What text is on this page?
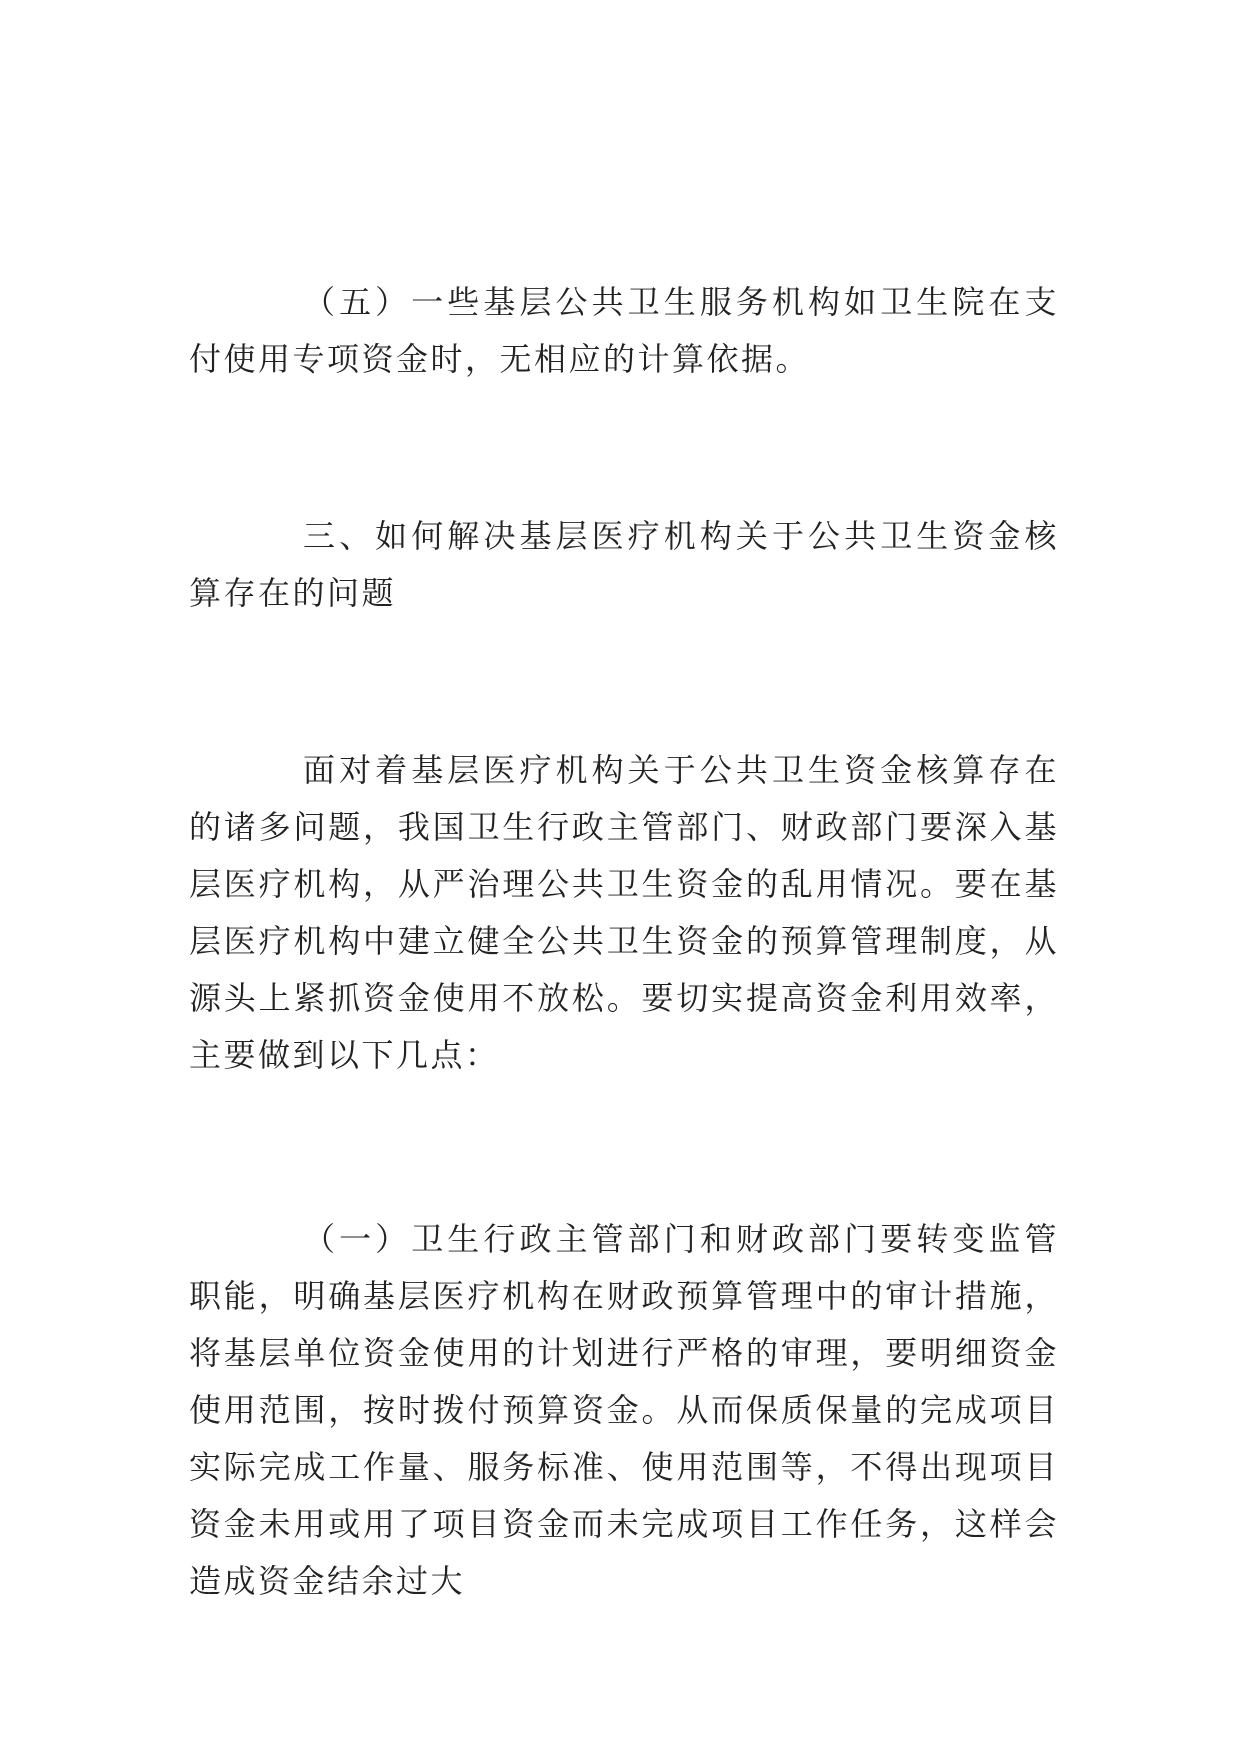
（五）一些基层公共卫生服务机构如卫生院在支付使用专项资金时，无相应的计算依据。

三、如何解决基层医疗机构关于公共卫生资金核算存在的问题

面对着基层医疗机构关于公共卫生资金核算存在的诸多问题，我国卫生行政主管部门、财政部门要深入基层医疗机构，从严治理公共卫生资金的乱用情况。要在基层医疗机构中建立健全公共卫生资金的预算管理制度，从源头上紧抓资金使用不放松。要切实提高资金利用效率，主要做到以下几点：

（一）卫生行政主管部门和财政部门要转变监管职能，明确基层医疗机构在财政预算管理中的审计措施，将基层单位资金使用的计划进行严格的审理，要明细资金使用范围，按时拨付预算资金。从而保质保量的完成项目实际完成工作量、服务标准、使用范围等，不得出现项目资金未用或用了项目资金而未完成项目工作任务，这样会造成资金结余过大
